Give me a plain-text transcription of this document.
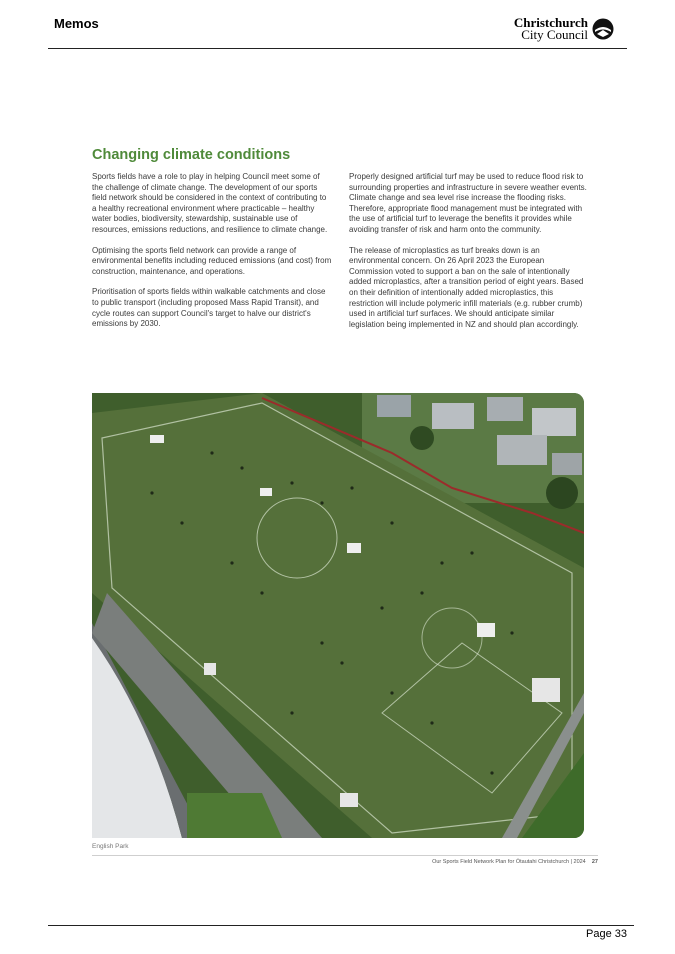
Memos	Christchurch
City Council
Changing climate conditions

Sports fields have a role to play in helping Council meet some of the challenge of climate change. The development of our sports field network should be considered in the context of contributing to a healthy recreational environment where practicable – healthy water bodies, biodiversity, stewardship, sustainable use of resources, emissions reductions, and resilience to climate change.

Optimising the sports field network can provide a range of environmental benefits including reduced emissions (and cost) from construction, maintenance, and operations.

Prioritisation of sports fields within walkable catchments and close to public transport (including proposed Mass Rapid Transit), and cycle routes can support Council's target to halve our district's emissions by 2030.

Properly designed artificial turf may be used to reduce flood risk to surrounding properties and infrastructure in severe weather events. Climate change and sea level rise increase the flooding risks. Therefore, appropriate flood management must be integrated with the use of artificial turf to leverage the benefits it provides while avoiding transfer of risk and harm onto the community.

The release of microplastics as turf breaks down is an environmental concern. On 26 April 2023 the European Commission voted to support a ban on the sale of intentionally added microplastics, after a transition period of eight years. Based on their definition of intentionally added microplastics, this restriction will include polymeric infill materials (e.g. rubber crumb) used in artificial turf surfaces. We should anticipate similar legislation being implemented in NZ and should plan accordingly.

English Park
Our Sports Field Network Plan for Ōtautahi Christchurch | 2024 27
Page 33
